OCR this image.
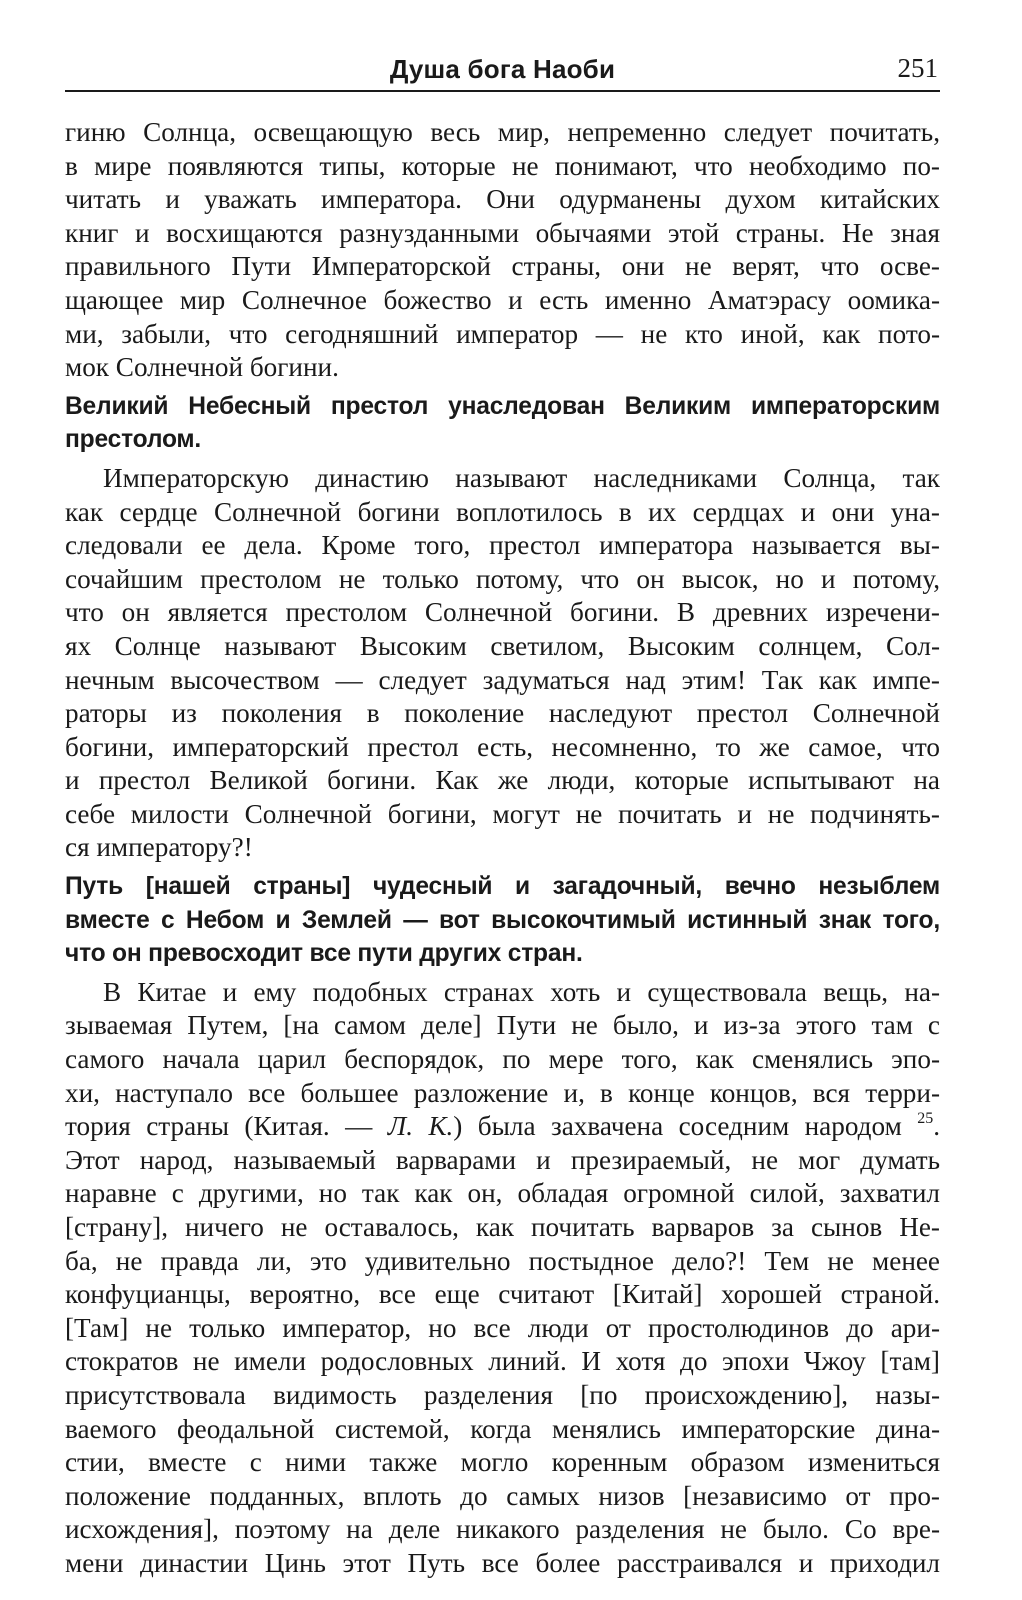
Душа бога Наоби	251
гиню Солнца, освещающую весь мир, непременно следует почитать,
в мире появляются типы, которые не понимают, что необходимо по-
читать и уважать императора. Они одурманены духом китайских
книг и восхищаются разнузданными обычаями этой страны. Не зная
правильного Пути Императорской страны, они не верят, что осве-
щающее мир Солнечное божество и есть именно Аматэрасу оомика-
ми, забыли, что сегодняшний император — не кто иной, как пото-
мок Солнечной богини.
Великий Небесный престол унаследован Великим императорским
престолом.
Императорскую династию называют наследниками Солнца, так
как сердце Солнечной богини воплотилось в их сердцах и они уна-
следовали ее дела. Кроме того, престол императора называется вы-
сочайшим престолом не только потому, что он высок, но и потому,
что он является престолом Солнечной богини. В древних изречени-
ях Солнце называют Высоким светилом, Высоким солнцем, Сол-
нечным высочеством — следует задуматься над этим! Так как импе-
раторы из поколения в поколение наследуют престол Солнечной
богини, императорский престол есть, несомненно, то же самое, что
и престол Великой богини. Как же люди, которые испытывают на
себе милости Солнечной богини, могут не почитать и не подчинять-
ся императору?!
Путь [нашей страны] чудесный и загадочный, вечно незыблем
вместе с Небом и Землей — вот высокочтимый истинный знак того,
что он превосходит все пути других стран.
В Китае и ему подобных странах хоть и существовала вещь, на-
зываемая Путем, [на самом деле] Пути не было, и из-за этого там с
самого начала царил беспорядок, по мере того, как сменялись эпо-
хи, наступало все большее разложение и, в конце концов, вся терри-
тория страны (Китая. — Л. К.) была захвачена соседним народом $^{25}$.
Этот народ, называемый варварами и презираемый, не мог думать
наравне с другими, но так как он, обладая огромной силой, захватил
[страну], ничего не оставалось, как почитать варваров за сынов Не-
ба, не правда ли, это удивительно постыдное дело?! Тем не менее
конфуцианцы, вероятно, все еще считают [Китай] хорошей страной.
[Там] не только император, но все люди от простолюдинов до ари-
стократов не имели родословных линий. И хотя до эпохи Чжоу [там]
присутствовала видимость разделения [по происхождению], назы-
ваемого феодальной системой, когда менялись императорские дина-
стии, вместе с ними также могло коренным образом измениться
положение подданных, вплоть до самых низов [независимо от про-
исхождения], поэтому на деле никакого разделения не было. Со вре-
мени династии Цинь этот Путь все более расстраивался и приходил
